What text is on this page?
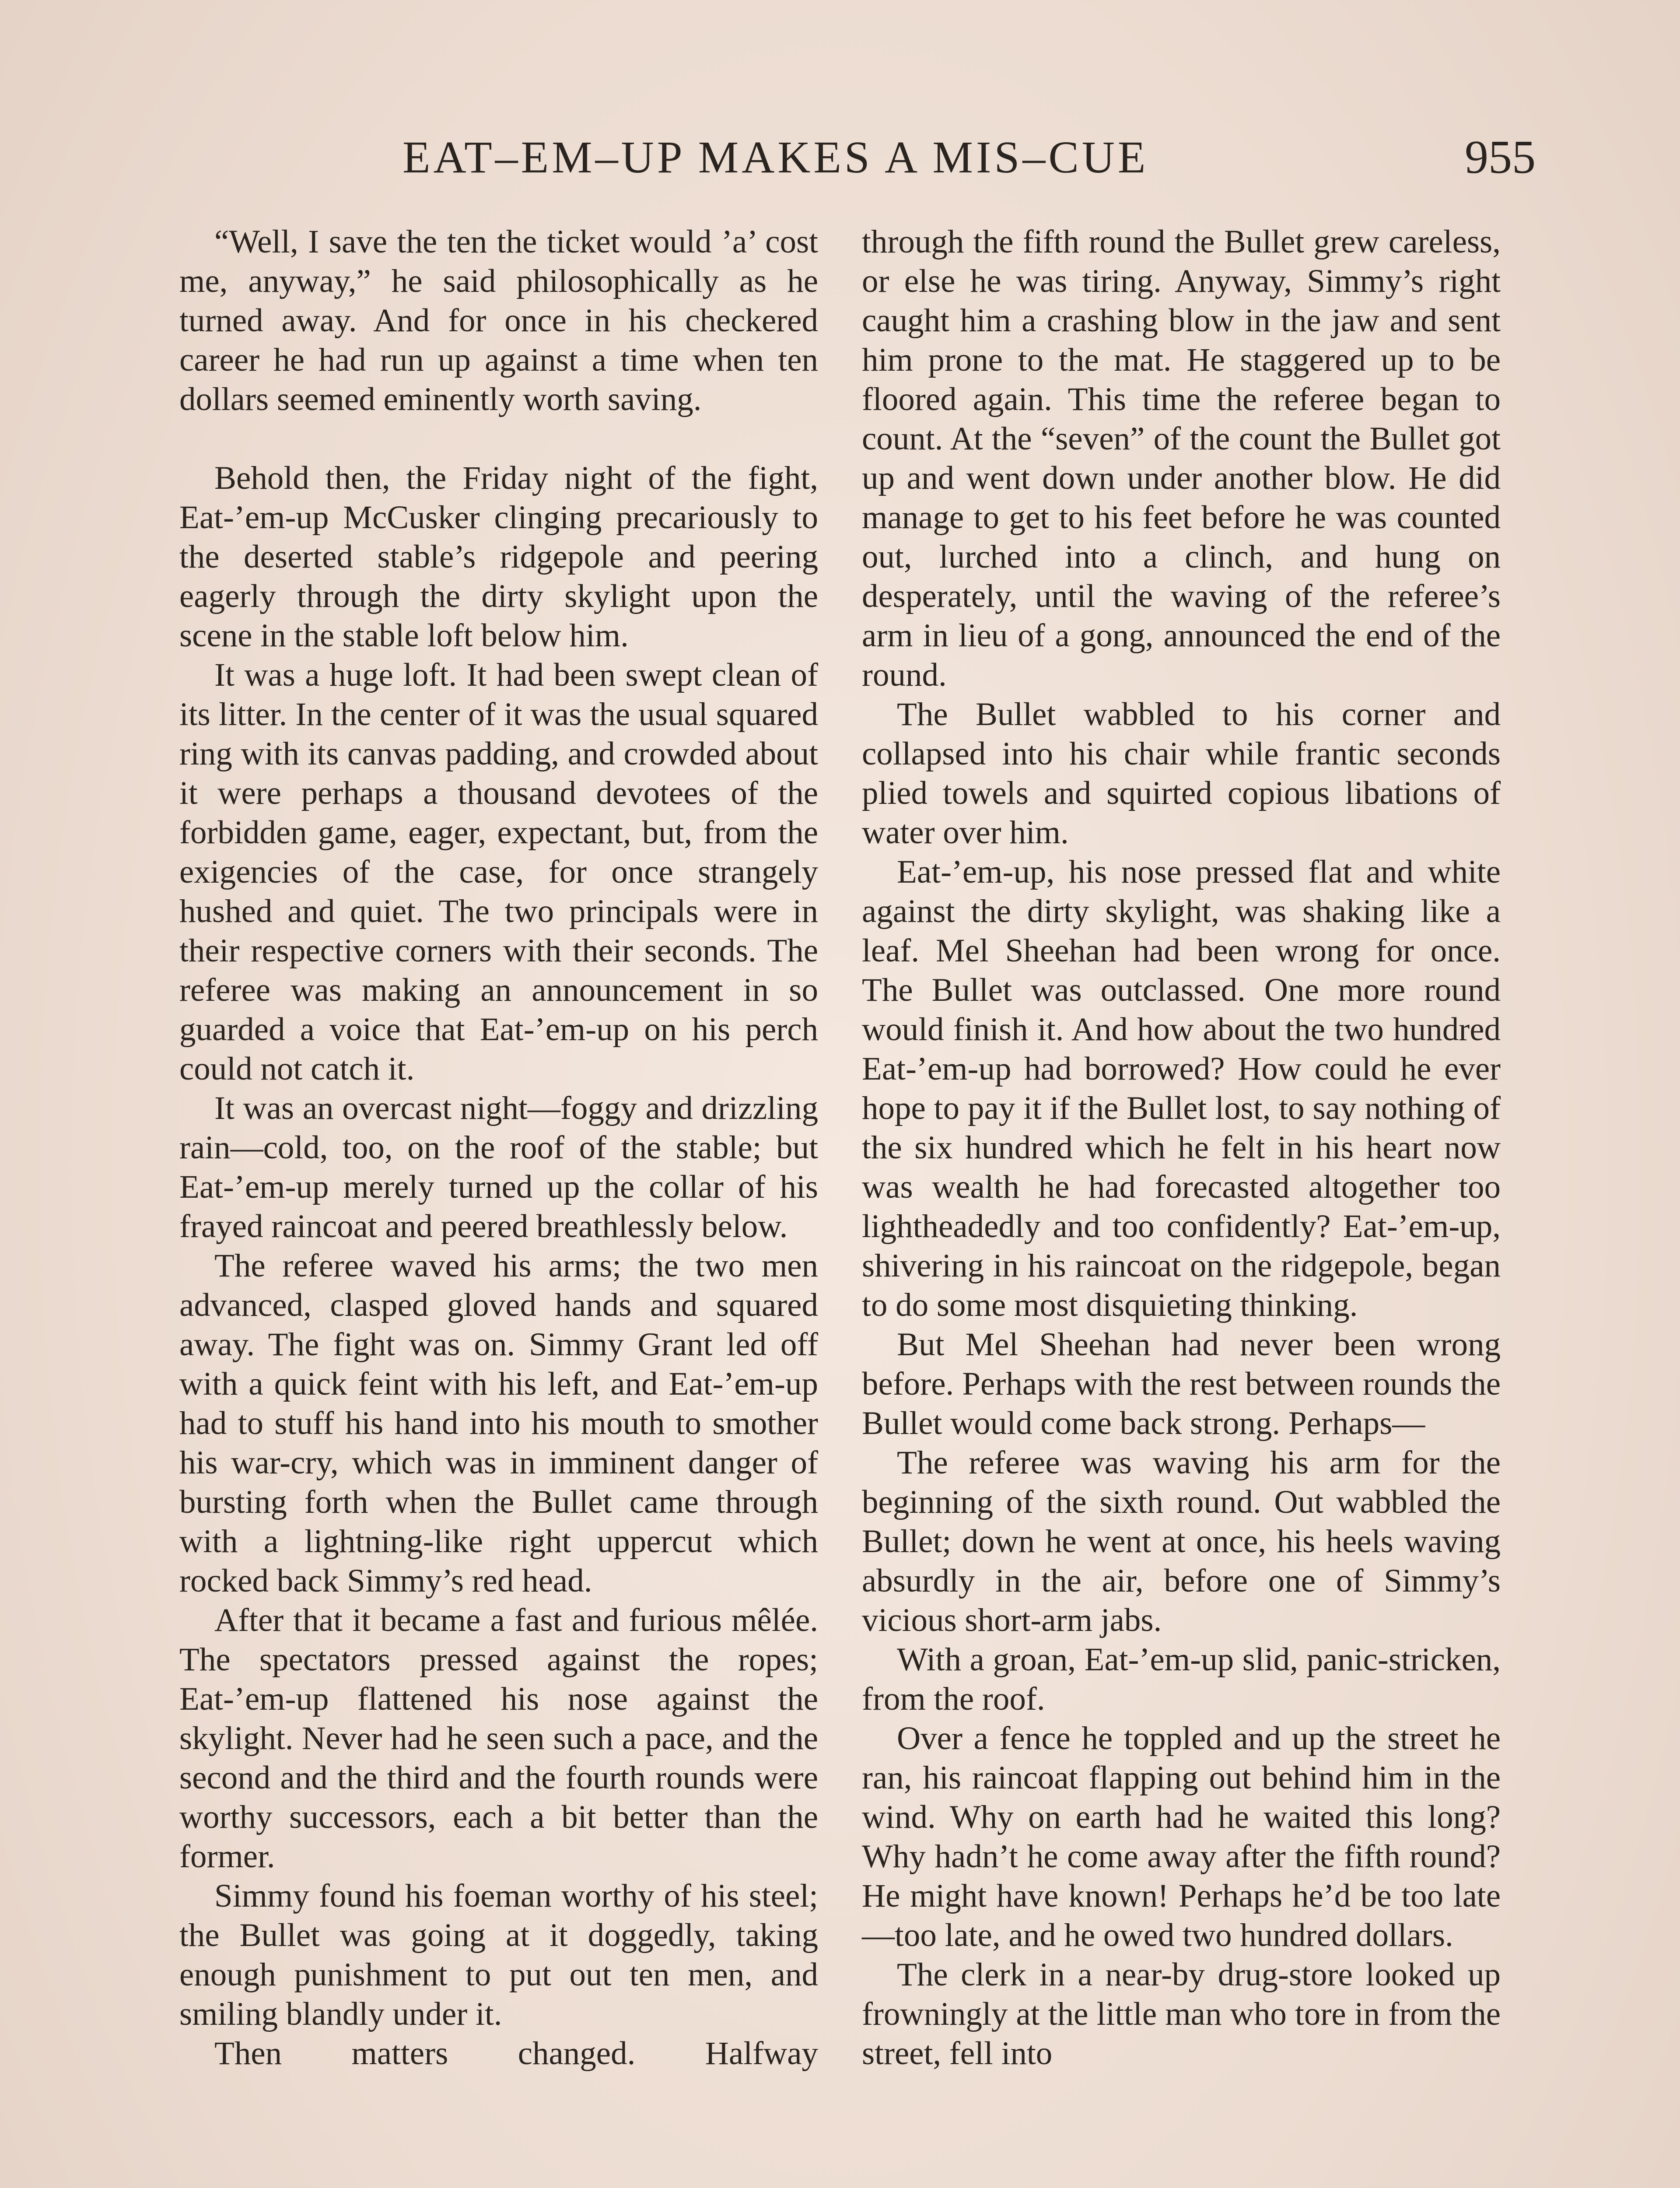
EAT–EM–UP MAKES A MIS–CUE	955

“Well, I save the ten the ticket would ’a’ cost me, anyway,” he said philosophically as he turned away. And for once in his checkered career he had run up against a time when ten dollars seemed eminently worth saving.

Behold then, the Friday night of the fight, Eat-’em-up McCusker clinging precariously to the deserted stable’s ridgepole and peering eagerly through the dirty skylight upon the scene in the stable loft below him.

It was a huge loft. It had been swept clean of its litter. In the center of it was the usual squared ring with its canvas padding, and crowded about it were perhaps a thousand devotees of the forbidden game, eager, expectant, but, from the exigencies of the case, for once strangely hushed and quiet. The two principals were in their respective corners with their seconds. The referee was making an announcement in so guarded a voice that Eat-’em-up on his perch could not catch it.

It was an overcast night—foggy and drizzling rain—cold, too, on the roof of the stable; but Eat-’em-up merely turned up the collar of his frayed raincoat and peered breathlessly below.

The referee waved his arms; the two men advanced, clasped gloved hands and squared away. The fight was on. Simmy Grant led off with a quick feint with his left, and Eat-’em-up had to stuff his hand into his mouth to smother his war-cry, which was in imminent danger of bursting forth when the Bullet came through with a lightning-like right uppercut which rocked back Simmy’s red head.

After that it became a fast and furious mêlée. The spectators pressed against the ropes; Eat-’em-up flattened his nose against the skylight. Never had he seen such a pace, and the second and the third and the fourth rounds were worthy successors, each a bit better than the former.

Simmy found his foeman worthy of his steel; the Bullet was going at it doggedly, taking enough punishment to put out ten men, and smiling blandly under it.

Then matters changed. Halfway

through the fifth round the Bullet grew careless, or else he was tiring. Anyway, Simmy’s right caught him a crashing blow in the jaw and sent him prone to the mat. He staggered up to be floored again. This time the referee began to count. At the “seven” of the count the Bullet got up and went down under another blow. He did manage to get to his feet before he was counted out, lurched into a clinch, and hung on desperately, until the waving of the referee’s arm in lieu of a gong, announced the end of the round.

The Bullet wabbled to his corner and collapsed into his chair while frantic seconds plied towels and squirted copious libations of water over him.

Eat-’em-up, his nose pressed flat and white against the dirty skylight, was shaking like a leaf. Mel Sheehan had been wrong for once. The Bullet was outclassed. One more round would finish it. And how about the two hundred Eat-’em-up had borrowed? How could he ever hope to pay it if the Bullet lost, to say nothing of the six hundred which he felt in his heart now was wealth he had forecasted altogether too lightheadedly and too confidently? Eat-’em-up, shivering in his raincoat on the ridgepole, began to do some most disquieting thinking.

But Mel Sheehan had never been wrong before. Perhaps with the rest between rounds the Bullet would come back strong. Perhaps—

The referee was waving his arm for the beginning of the sixth round. Out wabbled the Bullet; down he went at once, his heels waving absurdly in the air, before one of Simmy’s vicious short-arm jabs.

With a groan, Eat-’em-up slid, panic-stricken, from the roof.

Over a fence he toppled and up the street he ran, his raincoat flapping out behind him in the wind. Why on earth had he waited this long? Why hadn’t he come away after the fifth round? He might have known! Perhaps he’d be too late—too late, and he owed two hundred dollars.

The clerk in a near-by drug-store looked up frowningly at the little man who tore in from the street, fell into
